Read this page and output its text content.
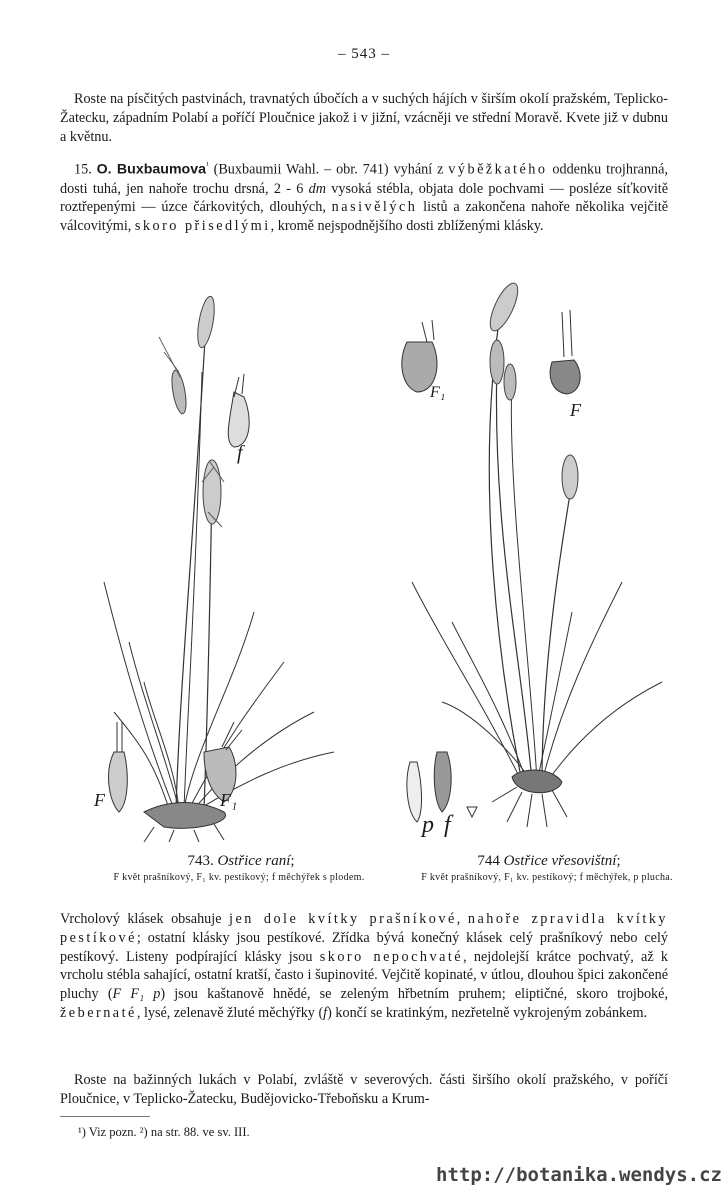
– 543 –

Roste na písčitých pastvinách, travnatých úbočích a v suchých hájích v širším okolí pražském, Teplicko-Žatecku, západním Polabí a poříčí Ploučnice jakož i v jižní, vzácněji ve střední Moravě. Kvete již v dubnu a květnu.

15. O. Buxbaumova$^{^1}$ (Buxbaumii Wahl. – obr. 741) vyhání z výběžkatého oddenku trojhranná, dosti tuhá, jen nahoře trochu drsná, 2 - 6 dm vysoká stébla, objata dole pochvami — posléze síťkovitě roztřepenými — úzce čárkovitých, dlouhých, nasivělých listů a zakončena nahoře několika vejčitě válcovitými, skoro přisedlými, kromě nejspodnějšího dosti zblíženými klásky.

f
F	F₁
F₁
F
p f
743. Ostřice raní;
F květ prašníkový, F₁ kv. pestíkový; f měchýřek s plodem.
744 Ostřice vřesovištní;
F květ prašníkový, F₁ kv. pestíkový; f měchýřek, p plucha.

Vrcholový klásek obsahuje jen dole kvítky prašníkové, nahoře zpravidla kvítky pestíkové; ostatní klásky jsou pestíkové. Zřídka bývá konečný klásek celý prašníkový nebo celý pestíkový. Listeny podpírající klásky jsou skoro nepochvaté, nejdolejší krátce pochvatý, až k vrcholu stébla sahající, ostatní kratší, často i šupinovité. Vejčitě kopinaté, v útlou, dlouhou špici zakončené pluchy (F F₁ p) jsou kaštanově hnědé, se zeleným hřbetním pruhem; eliptičné, skoro trojboké, žebernaté, lysé, zelenavě žluté měchýřky (f) končí se kratinkým, nezřetelně vykrojeným zobánkem.

Roste na bažinných lukách v Polabí, zvláště v severových. části širšího okolí pražského, v poříčí Ploučnice, v Teplicko-Žatecku, Budějovicko-Třeboňsku a Krum-

¹) Viz pozn. ²) na str. 88. ve sv. III.
http://botanika.wendys.cz
